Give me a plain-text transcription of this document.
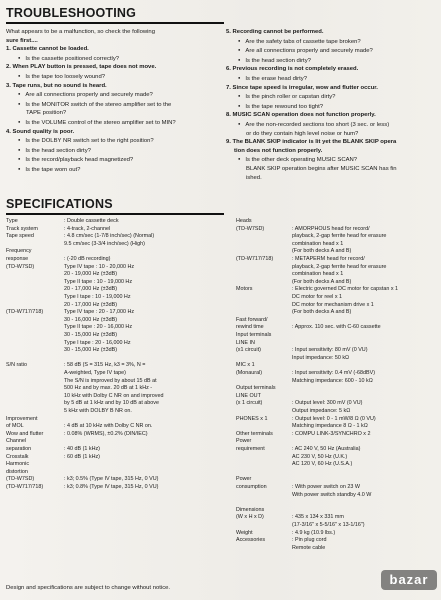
TROUBLESHOOTING
What appears to be a malfunction, so check the following
sure first....
1. Cassette cannot be loaded.
● Is the cassette positioned correctly?
2. When PLAY button is pressed, tape does not move.
● Is the tape too loosely wound?
3. Tape runs, but no sound is heard.
● Are all connections properly and securely made?
● Is the MONITOR switch of the stereo amplifier set to the
TAPE position?
● Is the VOLUME control of the stereo amplifier set to MIN?
4. Sound quality is poor.
● Is the DOLBY NR switch set to the right position?
● Is the head section dirty?
● Is the record/playback head magnetized?
● Is the tape worn out?
5. Recording cannot be performed.
● Are the safety tabs of cassette tape broken?
● Are all connections properly and securely made?
● Is the head section dirty?
6. Previous recording is not completely erased.
● Is the erase head dirty?
7. Since tape speed is irregular, wow and flutter occur.
● Is the pinch roller or capstan dirty?
● Is the tape rewound too tight?
8. MUSIC SCAN operation does not function properly.
● Are the non-recorded sections too short (3 sec. or less)
or do they contain high level noise or hum?
9. The BLANK SKIP indicator is lit yet the BLANK SKIP opera
tion does not function properly.
● Is the other deck operating MUSIC SCAN?
BLANK SKIP operation begins after MUSIC SCAN has fin
ished.
SPECIFICATIONS
Type	: Double cassette deck
Track system	: 4-track, 2-channel
Tape speed	: 4.8 cm/sec (1-7/8 inch/sec) (Normal)
9.5 cm/sec (3-3/4 inch/sec) (High)
Frequency
response	: (-20 dB recording)
(TD-W7SD)	Type IV tape : 10 - 20,000 Hz
20 - 19,000 Hz (±3dB)
Type II tape : 10 - 19,000 Hz
20 - 17,000 Hz (±3dB)
Type I tape : 10 - 19,000 Hz
20 - 17,000 Hz (±3dB)
(TD-W717/718)	Type IV tape : 20 - 17,000 Hz
30 - 16,000 Hz (±3dB)
Type II tape : 20 - 16,000 Hz
30 - 15,000 Hz (±3dB)
Type I tape : 20 - 16,000 Hz
30 - 15,000 Hz (±3dB)
S/N ratio	: 58 dB (S = 315 Hz, k3 = 3%, N =
A-weighted, Type IV tape)
The S/N is improved by about 15 dB at
500 Hz and by max. 20 dB at 1 kHz -
10 kHz with Dolby C NR on and improved
by 5 dB at 1 kHz and by 10 dB at above
5 kHz with DOLBY B NR on.
Improvement
of MOL	: 4 dB at 10 kHz with Dolby C NR on.
Wow and flutter	: 0.08% (WRMS), ±0.2% (DIN/IEC)
Channel
separation	: 40 dB (1 kHz)
Crosstalk	: 60 dB (1 kHz)
Harmonic
distortion
(TD-W7SD)	: k3; 0.5% (Type IV tape, 315 Hz, 0 VU)
(TD-W717/718)	: k3; 0.8% (Type IV tape, 315 Hz, 0 VU)
Heads
(TD-W7SD)	: AMORPHOUS head for record/
playback, 2-gap ferrite head for erasure
combination head x 1
(For both decks A and B)
(TD-W717/718)	: METAPERM head for record/
playback, 2-gap ferrite head for erasure
combination head x 1
(For both decks A and B)
Motors	: Electric governed DC motor for capstan x 1
DC motor for reel x 1
DC motor for mechanism drive x 1
(For both decks A and B)
Fast forward/
rewind time	: Approx. 110 sec. with C-60 cassette
Input terminals
LINE IN
(x1 circuit)	: Input sensitivity: 80 mV (0 VU)
Input impedance: 50 kΩ
MIC x 1
(Monaural)	: Input sensitivity: 0.4 mV (-68dBV)
Matching impedance: 600 - 10 kΩ
Output terminals
LINE OUT
(x 1 circuit)	: Output level: 300 mV (0 VU)
Output impedance: 5 kΩ
PHONES x 1	: Output level: 0 - 1 mW/8 Ω (0 VU)
Matching impedance 8 Ω - 1 kΩ
Other terminals	: COMPU LINK-3/SYNCHRO x 2
Power
requirement	: AC 240 V, 50 Hz (Australia)
AC 230 V, 50 Hz (U.K.)
AC 120 V, 60 Hz (U.S.A.)
Power
consumption	: With power switch on 23 W
With power switch standby 4.0 W
Dimensions
(W x H x D)	: 435 x 134 x 331 mm
(17-3/16" x 5-5/16" x 13-1/16")
Weight	: 4.9 kg (10.9 lbs.)
Accessories	: Pin plug cord
Remote cable
Design and specifications are subject to change without notice.
bazar
